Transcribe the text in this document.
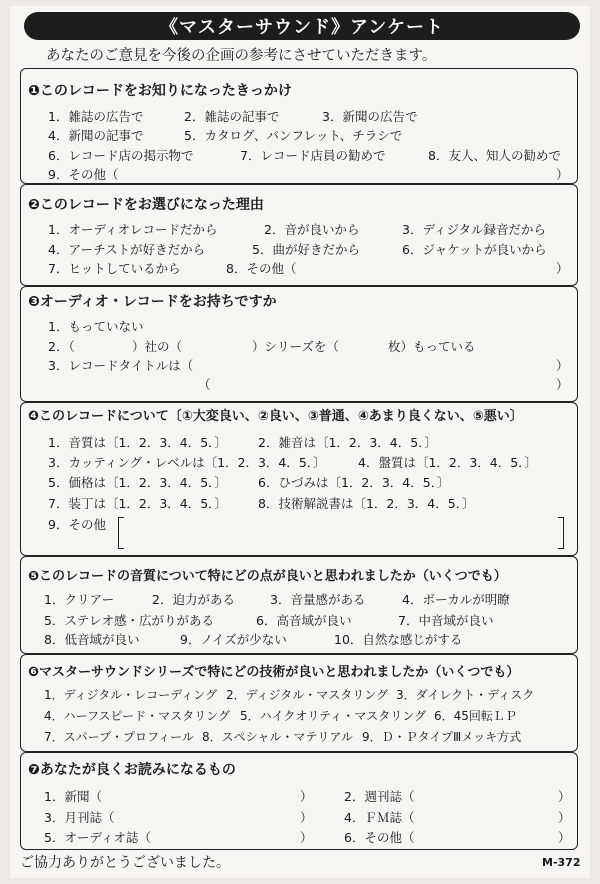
《マスターサウンド》アンケート
あなたのご意見を今後の企画の参考にさせていただきます。
❶このレコードをお知りになったきっかけ
1．雑誌の広告で	2．雑誌の記事で	3．新聞の広告で
4．新聞の記事で	5．カタログ、パンフレット、チラシで
6．レコード店の掲示物で	7．レコード店員の勧めで	8．友人、知人の勧めで
9．その他（	）
❷このレコードをお選びになった理由
1．オーディオレコードだから	2．音が良いから	3．ディジタル録音だから
4．アーチストが好きだから	5．曲が好きだから	6．ジャケットが良いから
7．ヒットしているから	8．その他（	）
❸オーディオ・レコードをお持ちですか
1．もっていない
2．（	）社の（	）シリーズを（	枚）もっている
3．レコードタイトルは（	）
（	）
❹このレコードについて〔①大変良い、②良い、③普通、④あまり良くない、⑤悪い〕
1．音質は〔1．2．3．4．5．〕 2．雑音は〔1．2．3．4．5．〕
3．カッティング・レベルは〔1．2．3．4．5．〕	4．盤質は〔1．2．3．4．5．〕
5．価格は〔1．2．3．4．5．〕 6．ひづみは〔1．2．3．4．5．〕
7．装丁は〔1．2．3．4．5．〕 8．技術解説書は〔1．2．3．4．5．〕
9．その他
❺このレコードの音質について特にどの点が良いと思われましたか（いくつでも）
1．クリアー	2．迫力がある	3．音量感がある	4．ボーカルが明瞭
5．ステレオ感・広がりがある	6．高音域が良い	7．中音域が良い
8．低音域が良い	9．ノイズが少ない	10．自然な感じがする
❻マスターサウンドシリーズで特にどの技術が良いと思われましたか（いくつでも）
1．ディジタル・レコーディング 2．ディジタル・マスタリング 3．ダイレクト・ディスク
4．ハーフスピード・マスタリング 5．ハイクオリティ・マスタリング 6．45回転ＬＰ
7．スパーブ・プロフィール 8．スペシャル・マテリアル 9．Ｄ・ＰタイプⅢメッキ方式
❼あなたが良くお読みになるもの
1．新聞（	）	2．週刊誌（	）
3．月刊誌（	）	4．ＦＭ誌（	）
5．オーディオ誌（	）	6．その他（	）
ご協力ありがとうございました。	M-372
